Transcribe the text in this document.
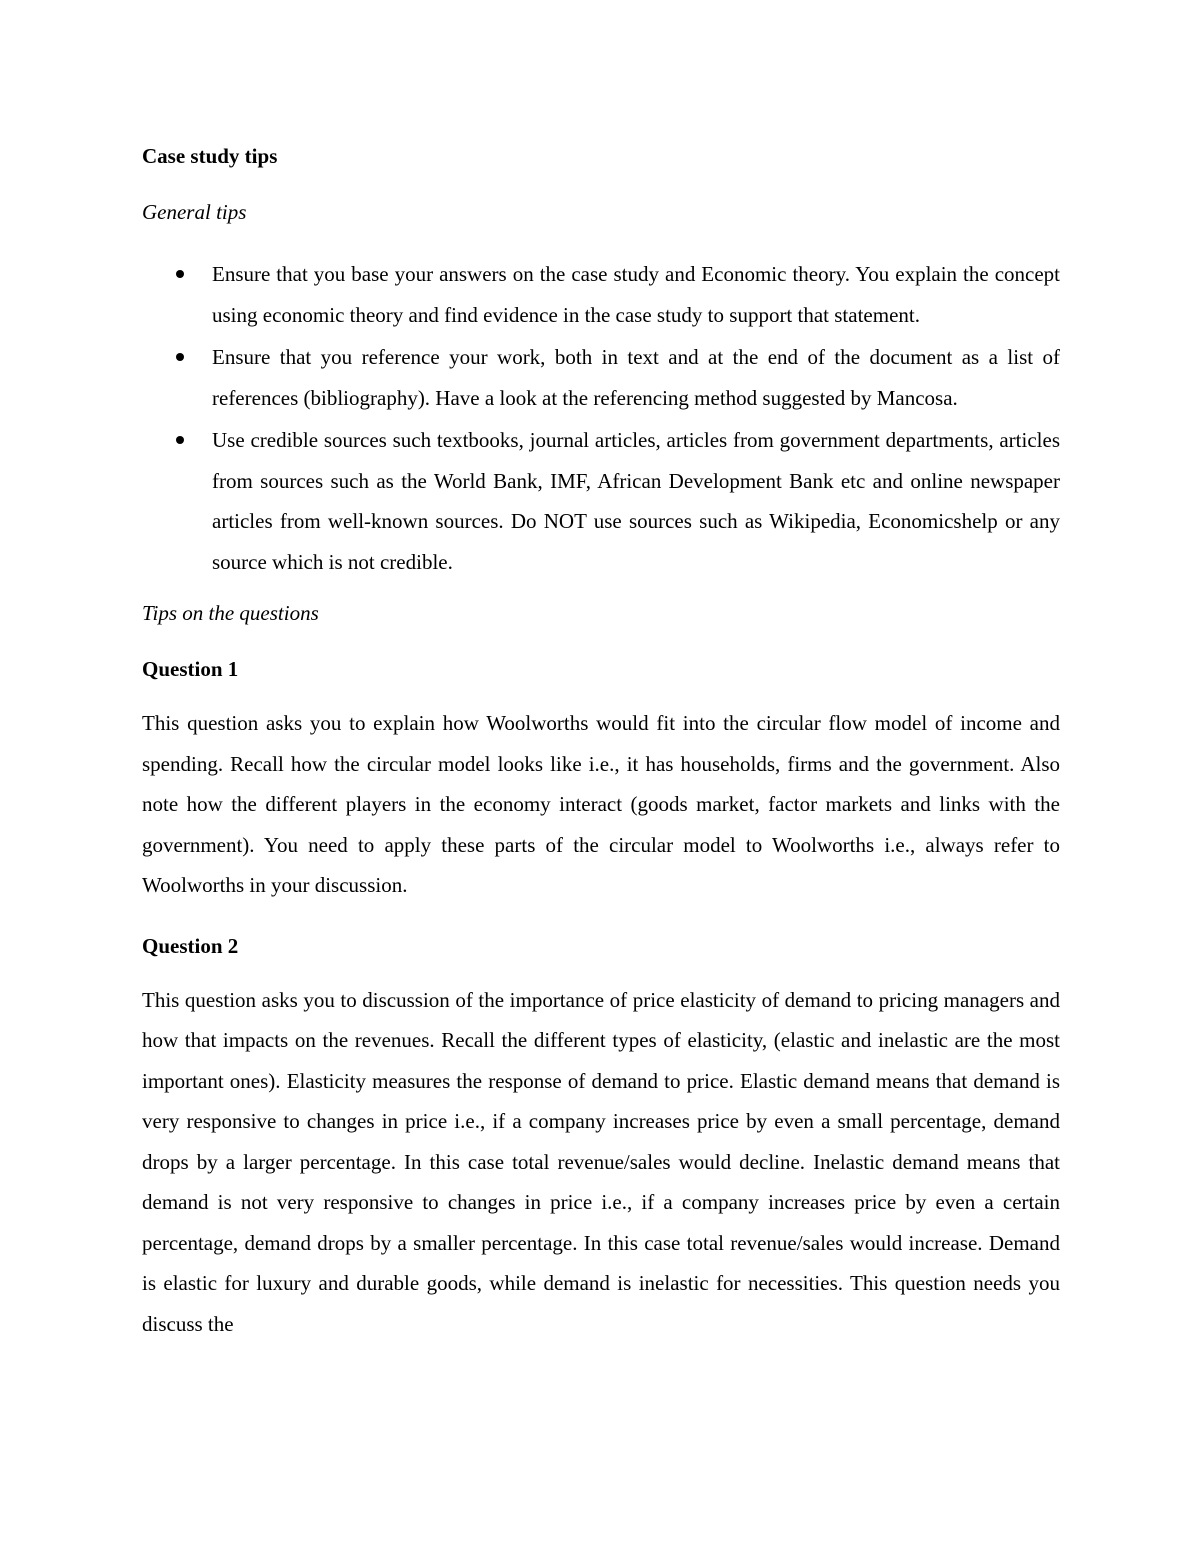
Case study tips

General tips

Ensure that you base your answers on the case study and Economic theory. You explain the concept using economic theory and find evidence in the case study to support that statement.
Ensure that you reference your work, both in text and at the end of the document as a list of references (bibliography). Have a look at the referencing method suggested by Mancosa.
Use credible sources such textbooks, journal articles, articles from government departments, articles from sources such as the World Bank, IMF, African Development Bank etc and online newspaper articles from well-known sources. Do NOT use sources such as Wikipedia, Economicshelp or any source which is not credible.

Tips on the questions

Question 1

This question asks you to explain how Woolworths would fit into the circular flow model of income and spending. Recall how the circular model looks like i.e., it has households, firms and the government. Also note how the different players in the economy interact (goods market, factor markets and links with the government). You need to apply these parts of the circular model to Woolworths i.e., always refer to Woolworths in your discussion.

Question 2

This question asks you to discussion of the importance of price elasticity of demand to pricing managers and how that impacts on the revenues. Recall the different types of elasticity, (elastic and inelastic are the most important ones). Elasticity measures the response of demand to price. Elastic demand means that demand is very responsive to changes in price i.e., if a company increases price by even a small percentage, demand drops by a larger percentage. In this case total revenue/sales would decline. Inelastic demand means that demand is not very responsive to changes in price i.e., if a company increases price by even a certain percentage, demand drops by a smaller percentage. In this case total revenue/sales would increase. Demand is elastic for luxury and durable goods, while demand is inelastic for necessities. This question needs you discuss the
